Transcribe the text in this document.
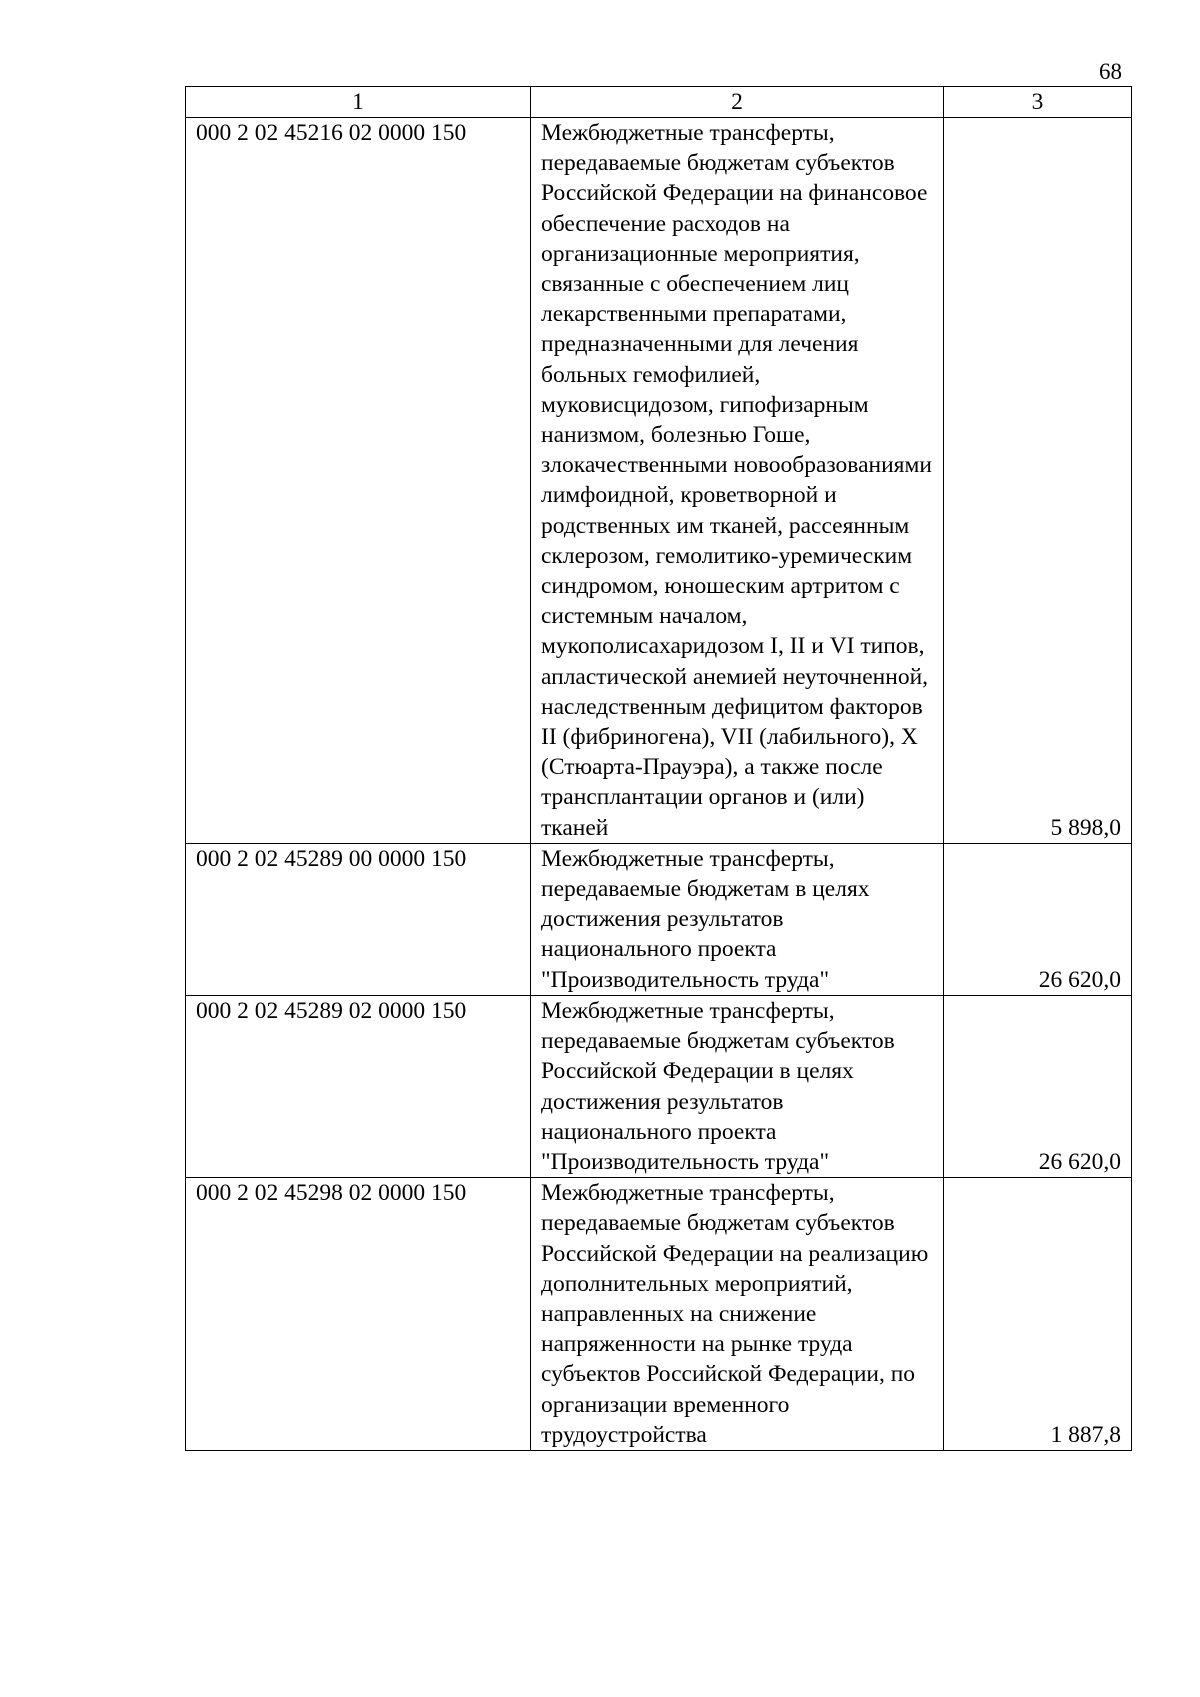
68
1	2	3
000 2 02 45216 02 0000 150	Межбюджетные трансферты, передаваемые бюджетам субъектов Российской Федерации на финансовое обеспечение расходов на организационные мероприятия, связанные с обеспечением лиц лекарственными препаратами, предназначенными для лечения больных гемофилией, муковисцидозом, гипофизарным нанизмом, болезнью Гоше, злокачественными новообразованиями лимфоидной, кроветворной и родственных им тканей, рассеянным склерозом, гемолитико-уремическим синдромом, юношеским артритом с системным началом, мукополисахаридозом I, II и VI типов, апластической анемией неуточненной, наследственным дефицитом факторов II (фибриногена), VII (лабильного), X (Стюарта-Прауэра), а также после трансплантации органов и (или) тканей	5 898,0
000 2 02 45289 00 0000 150	Межбюджетные трансферты, передаваемые бюджетам в целях достижения результатов национального проекта "Производительность труда"	26 620,0
000 2 02 45289 02 0000 150	Межбюджетные трансферты, передаваемые бюджетам субъектов Российской Федерации в целях достижения результатов национального проекта "Производительность труда"	26 620,0
000 2 02 45298 02 0000 150	Межбюджетные трансферты, передаваемые бюджетам субъектов Российской Федерации на реализацию дополнительных мероприятий, направленных на снижение напряженности на рынке труда субъектов Российской Федерации, по организации временного трудоустройства	1 887,8
